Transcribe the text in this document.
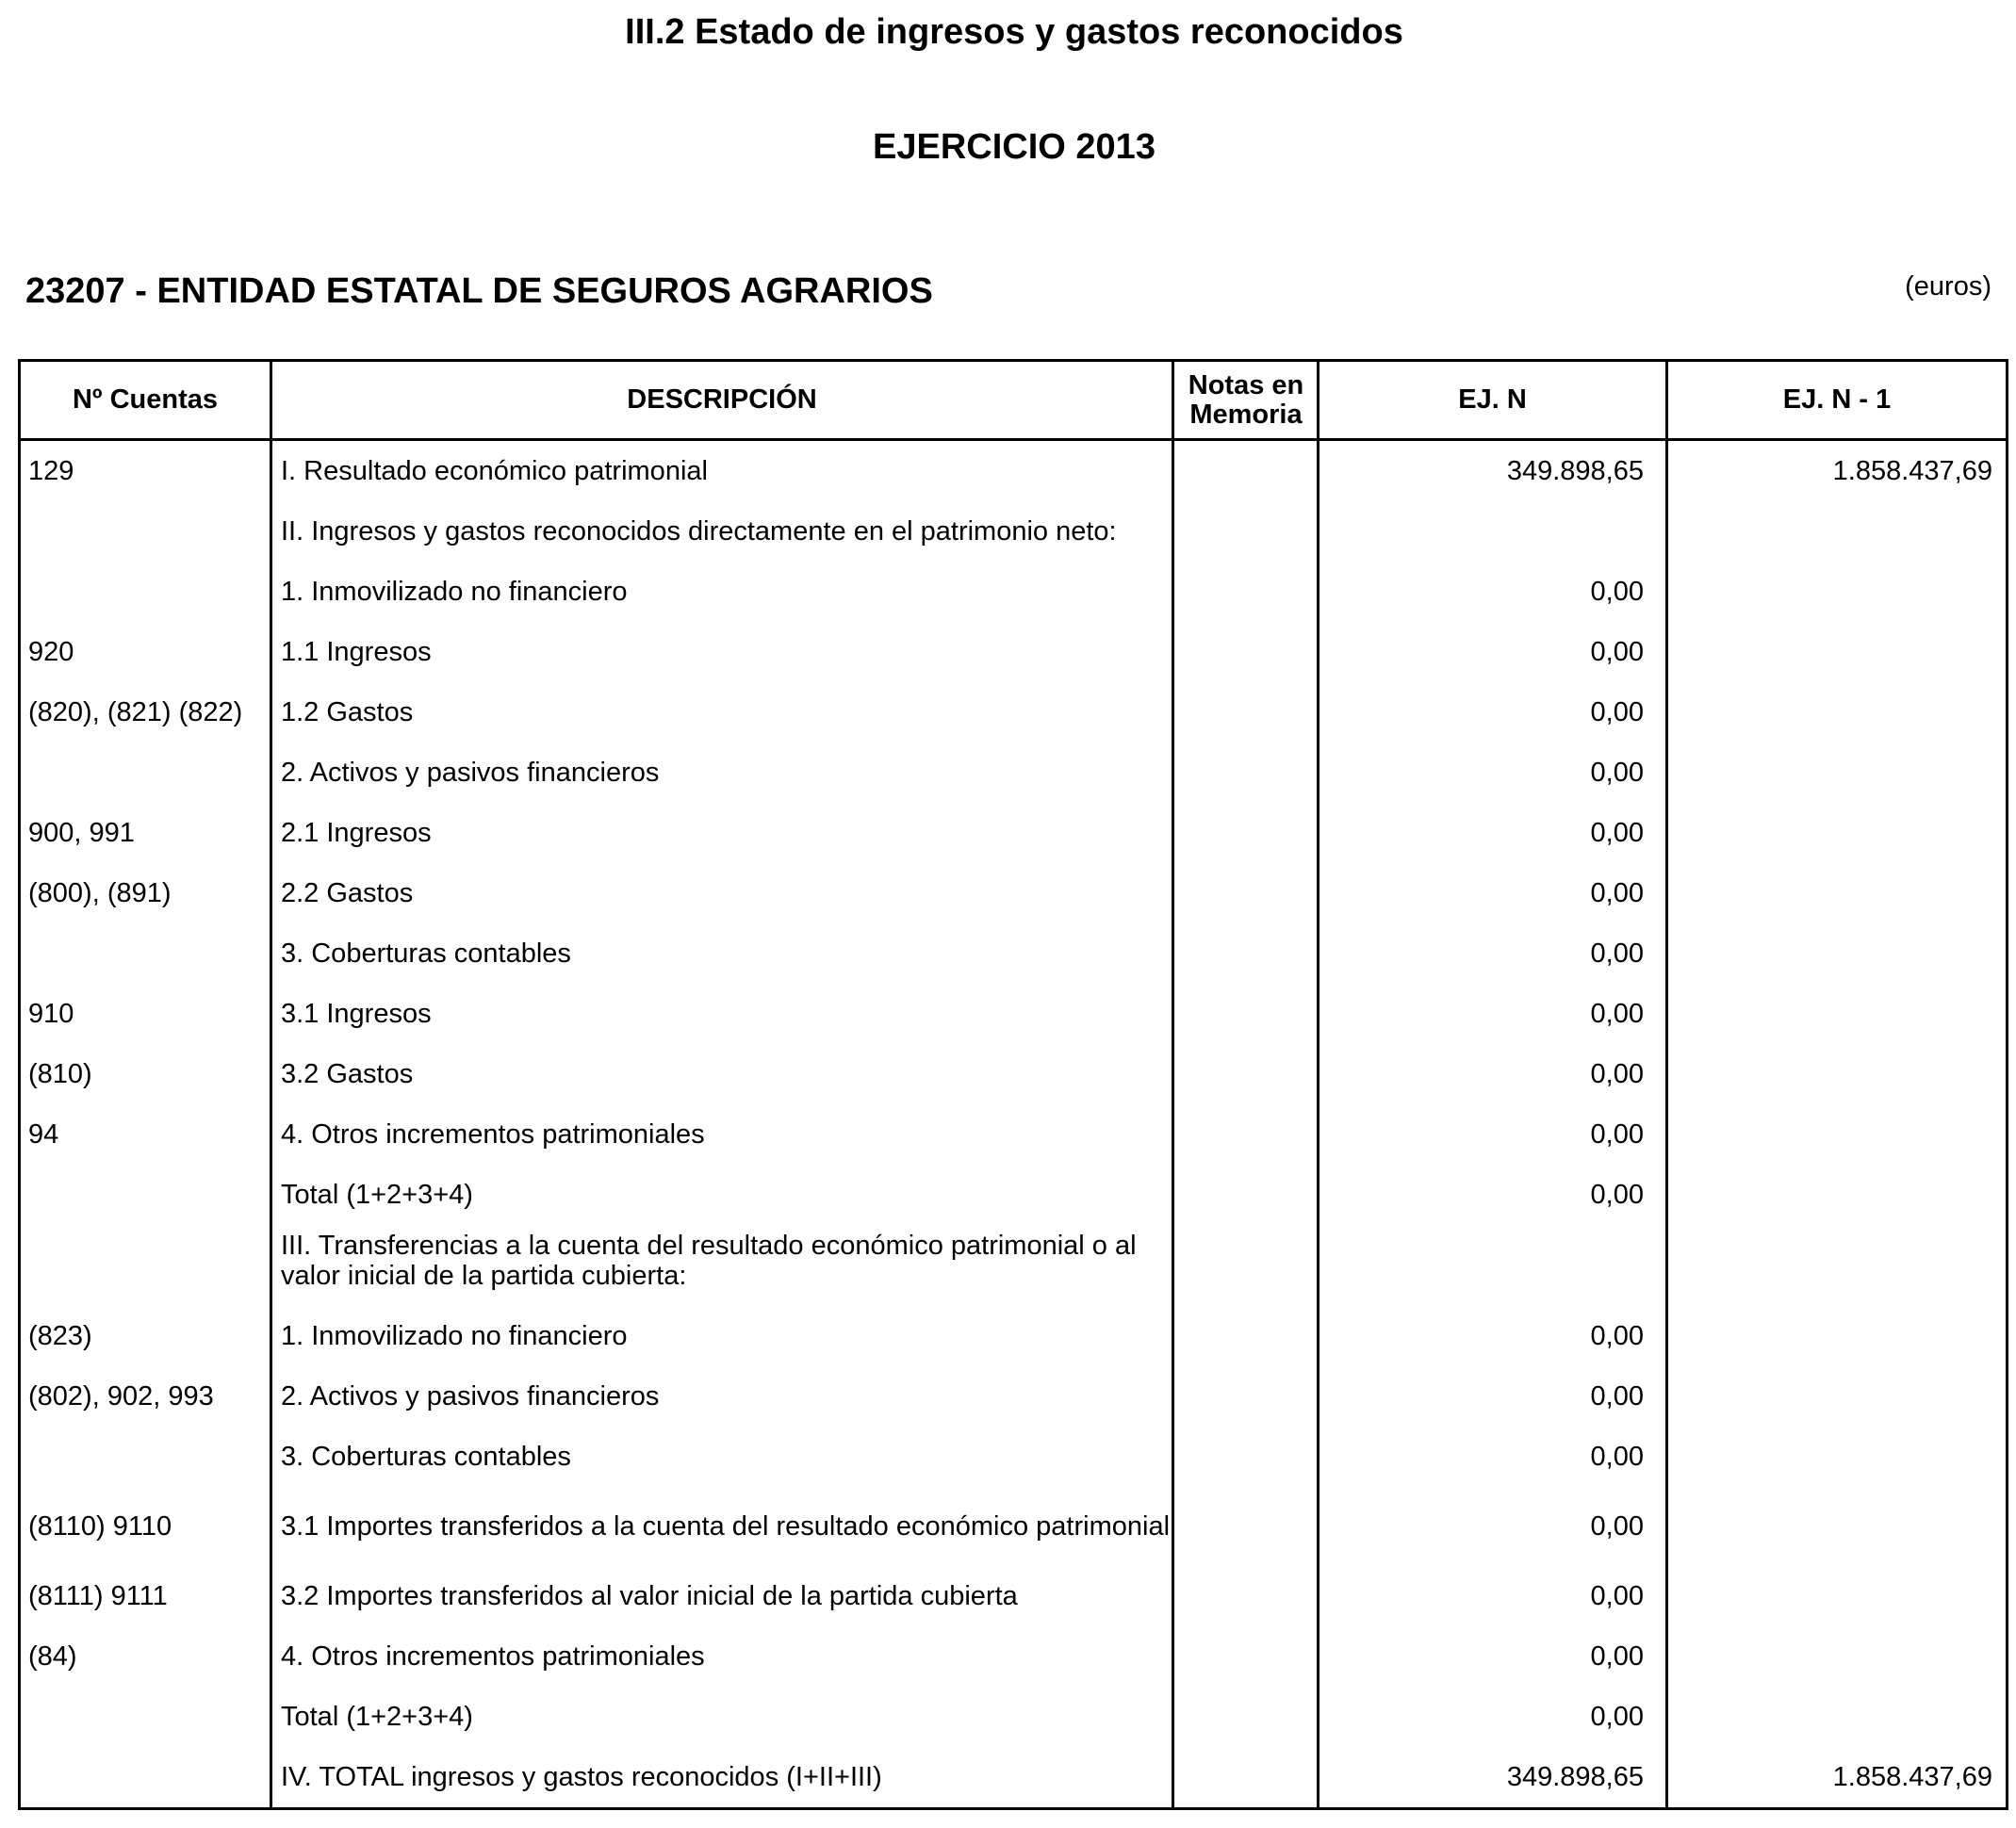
III.2 Estado de ingresos y gastos reconocidos
EJERCICIO 2013
23207 - ENTIDAD ESTATAL DE SEGUROS AGRARIOS	(euros)
Nº Cuentas	DESCRIPCIÓN	Notas en Memoria	EJ. N	EJ. N - 1
129	I. Resultado económico patrimonial	349.898,65	1.858.437,69
II. Ingresos y gastos reconocidos directamente en el patrimonio neto:
1. Inmovilizado no financiero	0,00
920	1.1 Ingresos	0,00
(820), (821) (822)	1.2 Gastos	0,00
2. Activos y pasivos financieros	0,00
900, 991	2.1 Ingresos	0,00
(800), (891)	2.2 Gastos	0,00
3. Coberturas contables	0,00
910	3.1 Ingresos	0,00
(810)	3.2 Gastos	0,00
94	4. Otros incrementos patrimoniales	0,00
Total (1+2+3+4)	0,00
III. Transferencias a la cuenta del resultado económico patrimonial o al valor inicial de la partida cubierta:
(823)	1. Inmovilizado no financiero	0,00
(802), 902, 993	2. Activos y pasivos financieros	0,00
3. Coberturas contables	0,00
(8110) 9110	3.1 Importes transferidos a la cuenta del resultado económico patrimonial	0,00
(8111) 9111	3.2 Importes transferidos al valor inicial de la partida cubierta	0,00
(84)	4. Otros incrementos patrimoniales	0,00
Total (1+2+3+4)	0,00
IV. TOTAL ingresos y gastos reconocidos (I+II+III)	349.898,65	1.858.437,69
